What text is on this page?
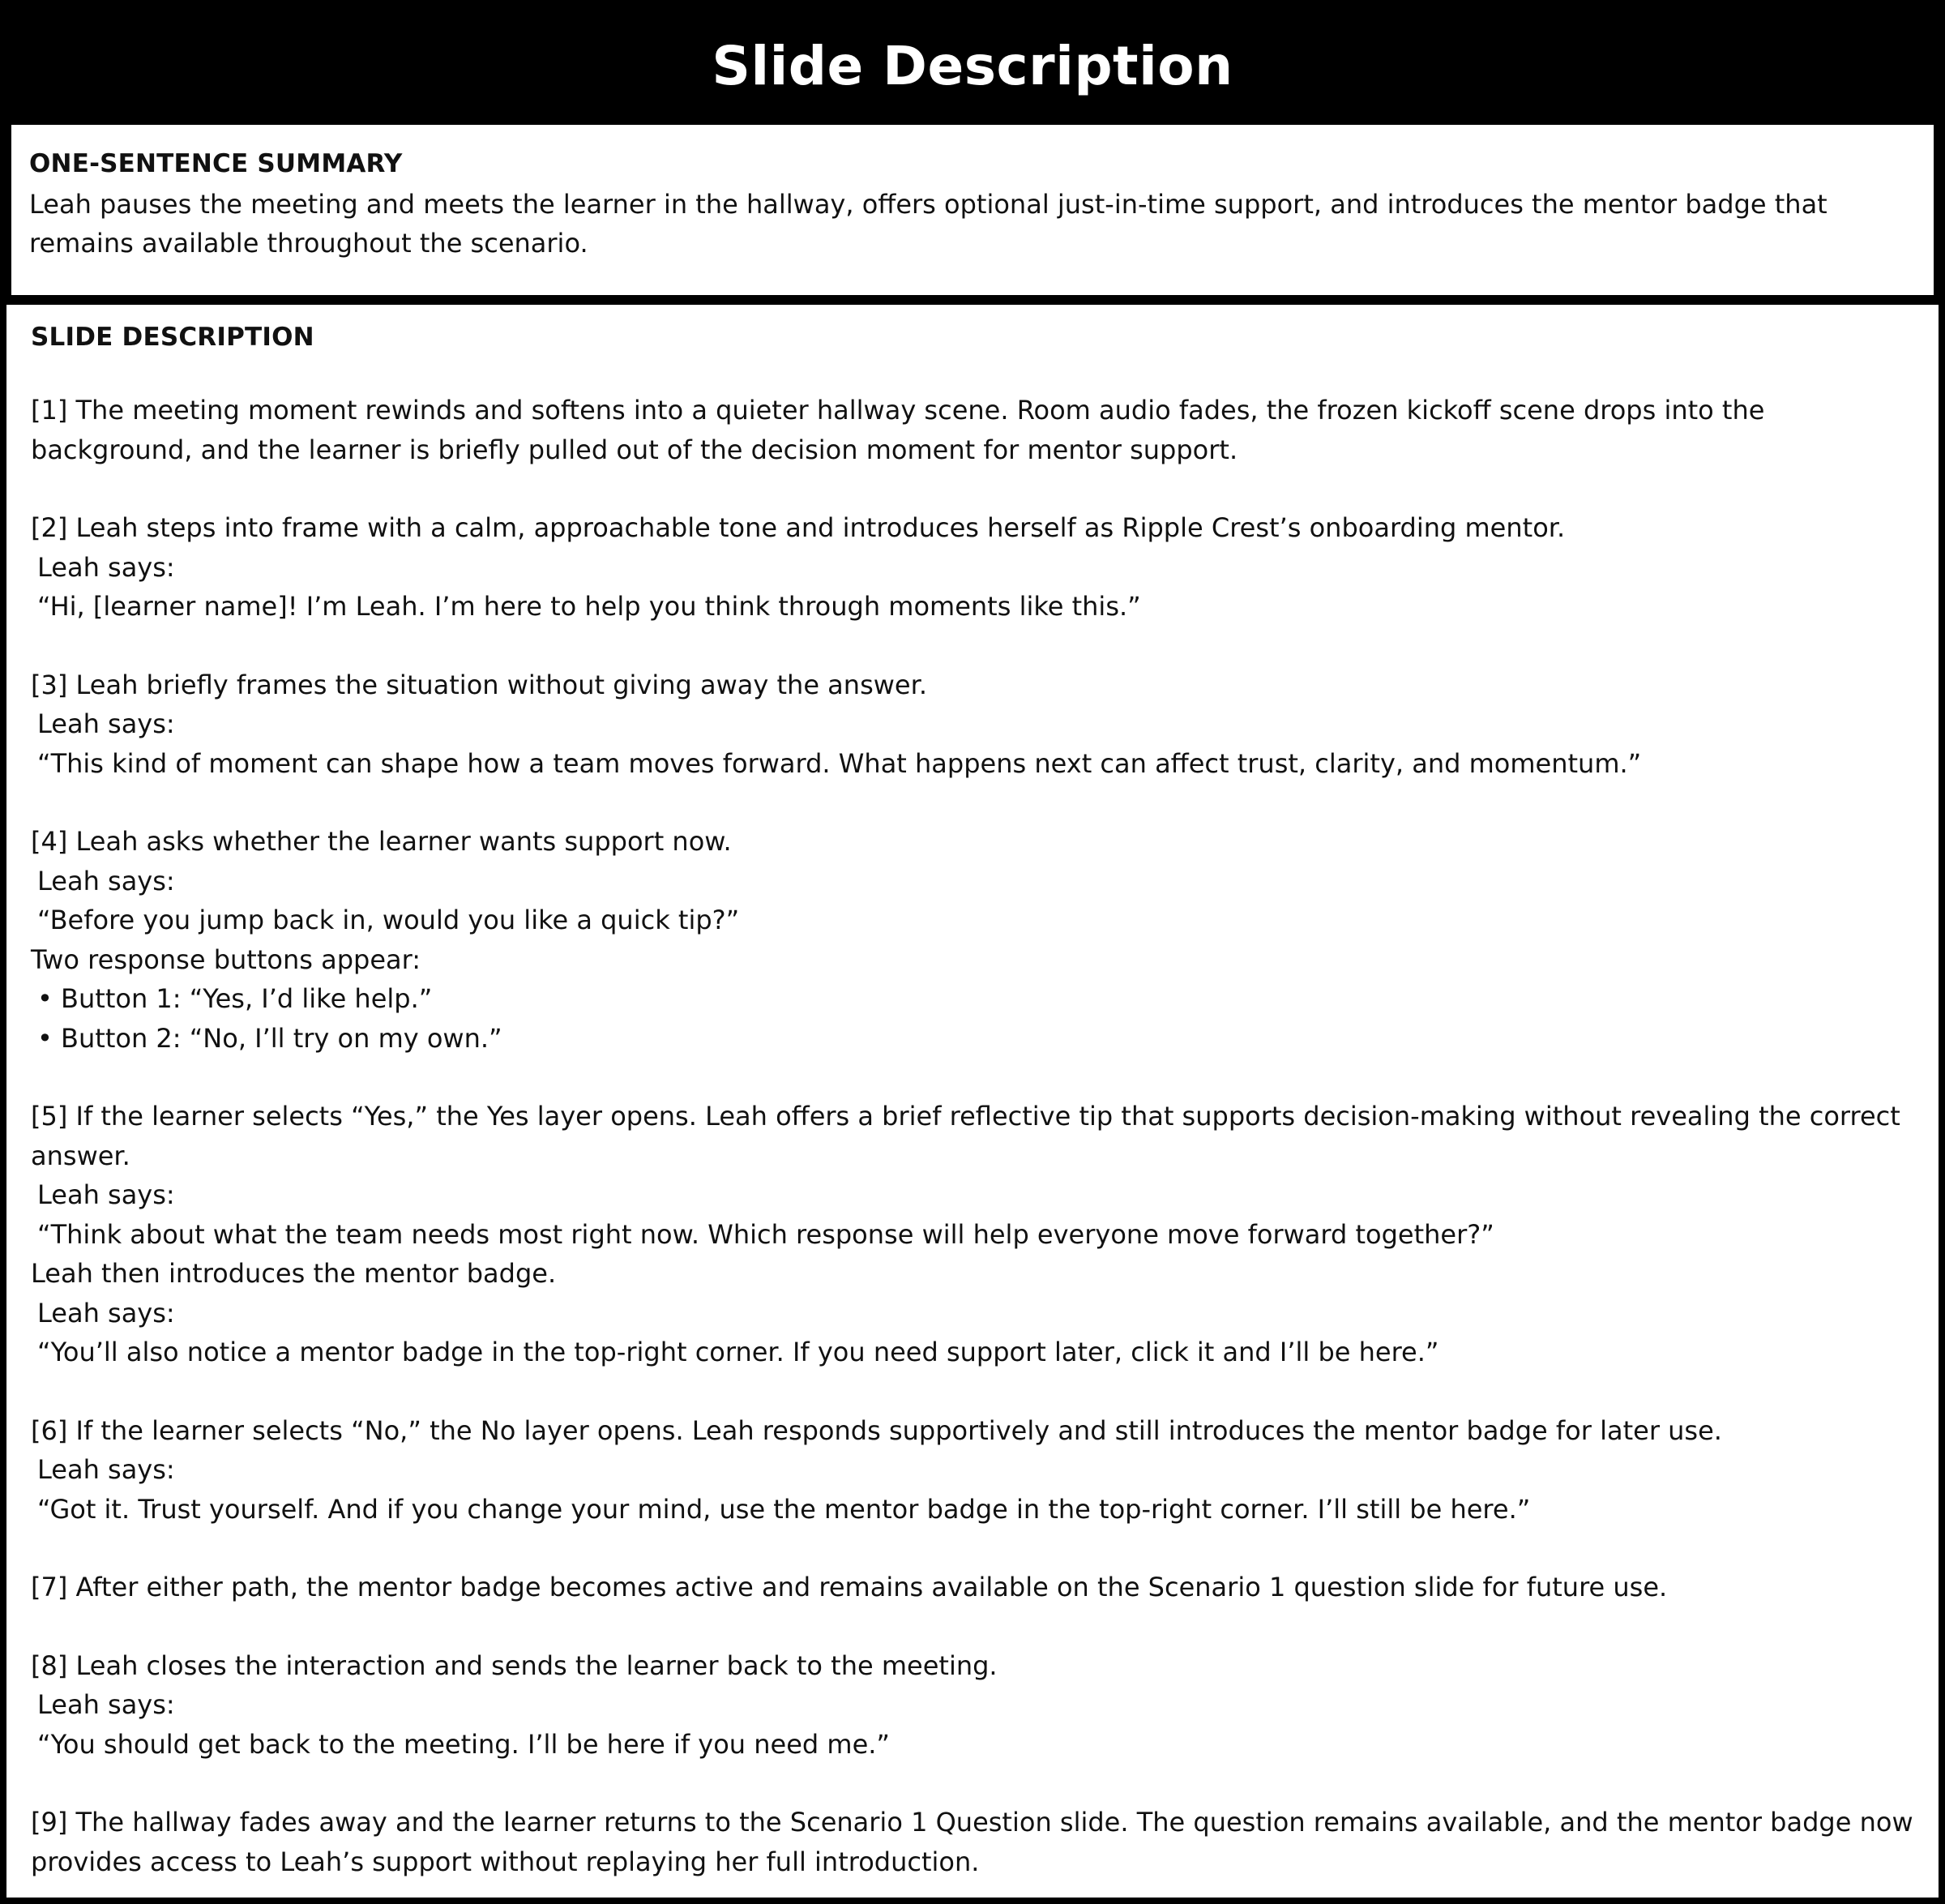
Slide Description

ONE-SENTENCE SUMMARY

Leah pauses the meeting and meets the learner in the hallway, offers optional just-in-time support, and introduces the mentor badge that remains available throughout the scenario.

SLIDE DESCRIPTION

[1] The meeting moment rewinds and softens into a quieter hallway scene. Room audio fades, the frozen kickoff scene drops into the background, and the learner is briefly pulled out of the decision moment for mentor support.

[2] Leah steps into frame with a calm, approachable tone and introduces herself as Ripple Crest’s onboarding mentor.

Leah says:

“Hi, [learner name]! I’m Leah. I’m here to help you think through moments like this.”

[3] Leah briefly frames the situation without giving away the answer.

Leah says:

“This kind of moment can shape how a team moves forward. What happens next can affect trust, clarity, and momentum.”

[4] Leah asks whether the learner wants support now.

Leah says:

“Before you jump back in, would you like a quick tip?”

Two response buttons appear:

• Button 1: “Yes, I’d like help.”

• Button 2: “No, I’ll try on my own.”

[5] If the learner selects “Yes,” the Yes layer opens. Leah offers a brief reflective tip that supports decision-making without revealing the correct answer.

Leah says:

“Think about what the team needs most right now. Which response will help everyone move forward together?”

Leah then introduces the mentor badge.

Leah says:

“You’ll also notice a mentor badge in the top-right corner. If you need support later, click it and I’ll be here.”

[6] If the learner selects “No,” the No layer opens. Leah responds supportively and still introduces the mentor badge for later use.

Leah says:

“Got it. Trust yourself. And if you change your mind, use the mentor badge in the top-right corner. I’ll still be here.”

[7] After either path, the mentor badge becomes active and remains available on the Scenario 1 question slide for future use.

[8] Leah closes the interaction and sends the learner back to the meeting.

Leah says:

“You should get back to the meeting. I’ll be here if you need me.”

[9] The hallway fades away and the learner returns to the Scenario 1 Question slide. The question remains available, and the mentor badge now provides access to Leah’s support without replaying her full introduction.
